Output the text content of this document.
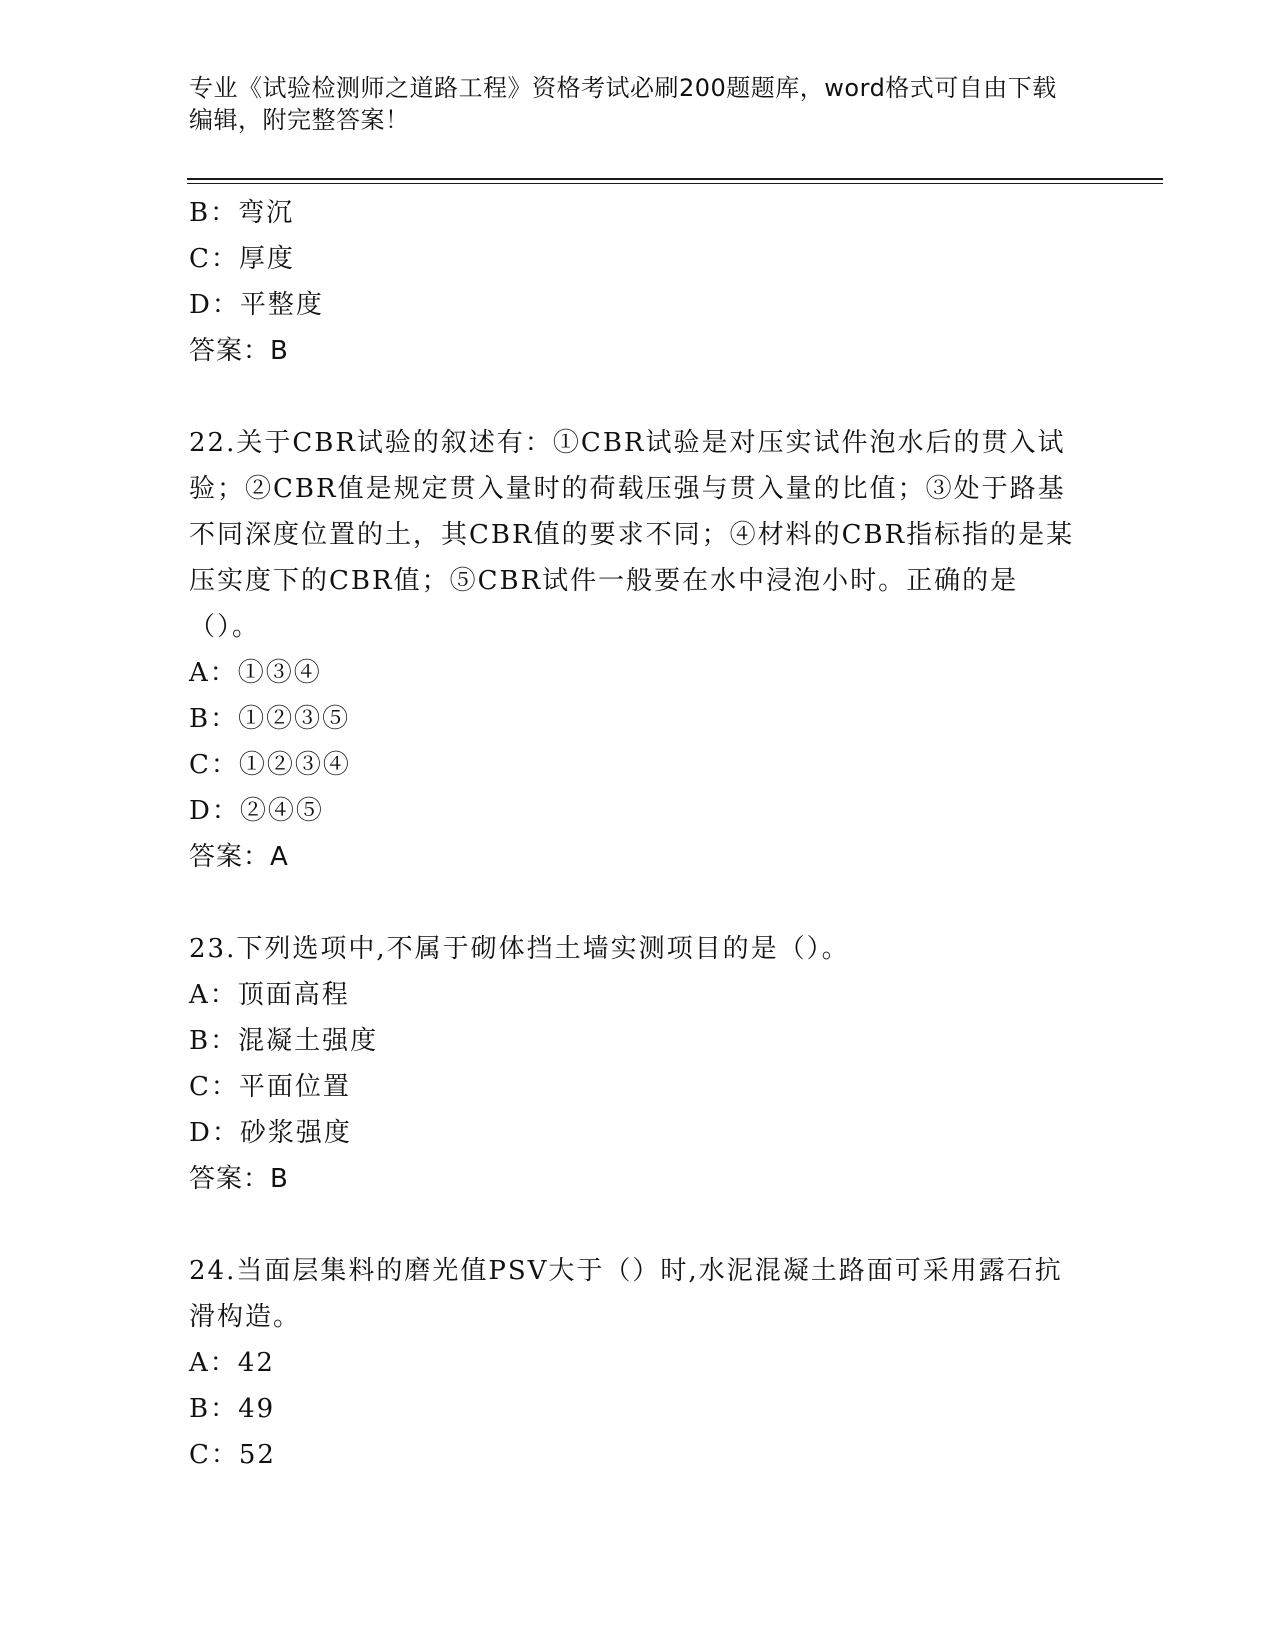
专业《试验检测师之道路工程》资格考试必刷200题题库，word格式可自由下载编辑，附完整答案！

B：弯沉

C：厚度

D：平整度

答案：B

22.关于CBR试验的叙述有：①CBR试验是对压实试件泡水后的贯入试验；②CBR值是规定贯入量时的荷载压强与贯入量的比值；③处于路基不同深度位置的土，其CBR值的要求不同；④材料的CBR指标指的是某压实度下的CBR值；⑤CBR试件一般要在水中浸泡小时。正确的是（）。

A：①③④

B：①②③⑤

C：①②③④

D：②④⑤

答案：A

23.下列选项中,不属于砌体挡土墙实测项目的是（）。

A：顶面高程

B：混凝土强度

C：平面位置

D：砂浆强度

答案：B

24.当面层集料的磨光值PSV大于（）时,水泥混凝土路面可采用露石抗滑构造。

A：42

B：49

C：52
